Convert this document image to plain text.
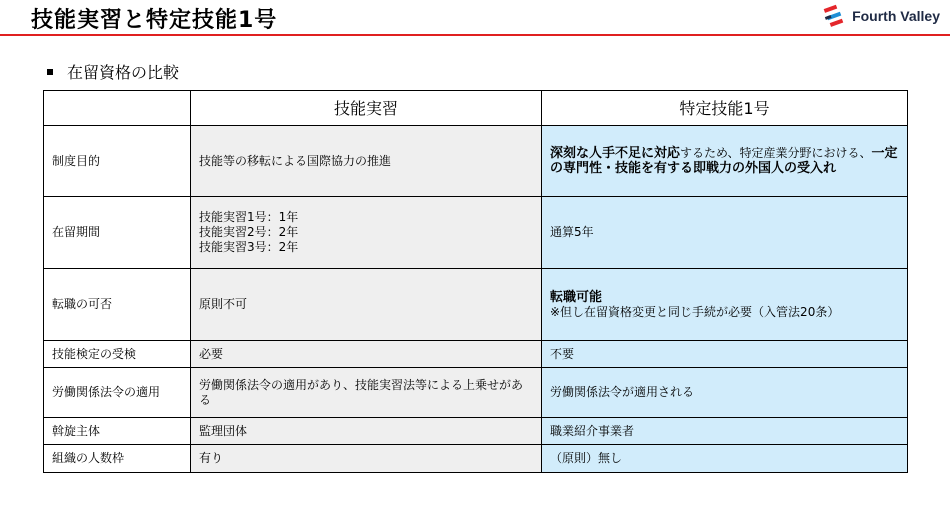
技能実習と特定技能1号	Fourth Valley
在留資格の比較
	技能実習	特定技能1号
制度目的	技能等の移転による国際協力の推進	深刻な人手不足に対応するため、特定産業分野における、一定の専門性・技能を有する即戦力の外国人の受入れ
在留期間	技能実習1号：1年
技能実習2号：2年
技能実習3号：2年	通算5年
転職の可否	原則不可	転職可能
※但し在留資格変更と同じ手続が必要（入管法20条）

技能検定の受検	必要	不要
労働関係法令の適用	労働関係法令の適用があり、技能実習法等による上乗せがある	労働関係法令が適用される
斡旋主体	監理団体	職業紹介事業者
組織の人数枠	有り	（原則）無し
